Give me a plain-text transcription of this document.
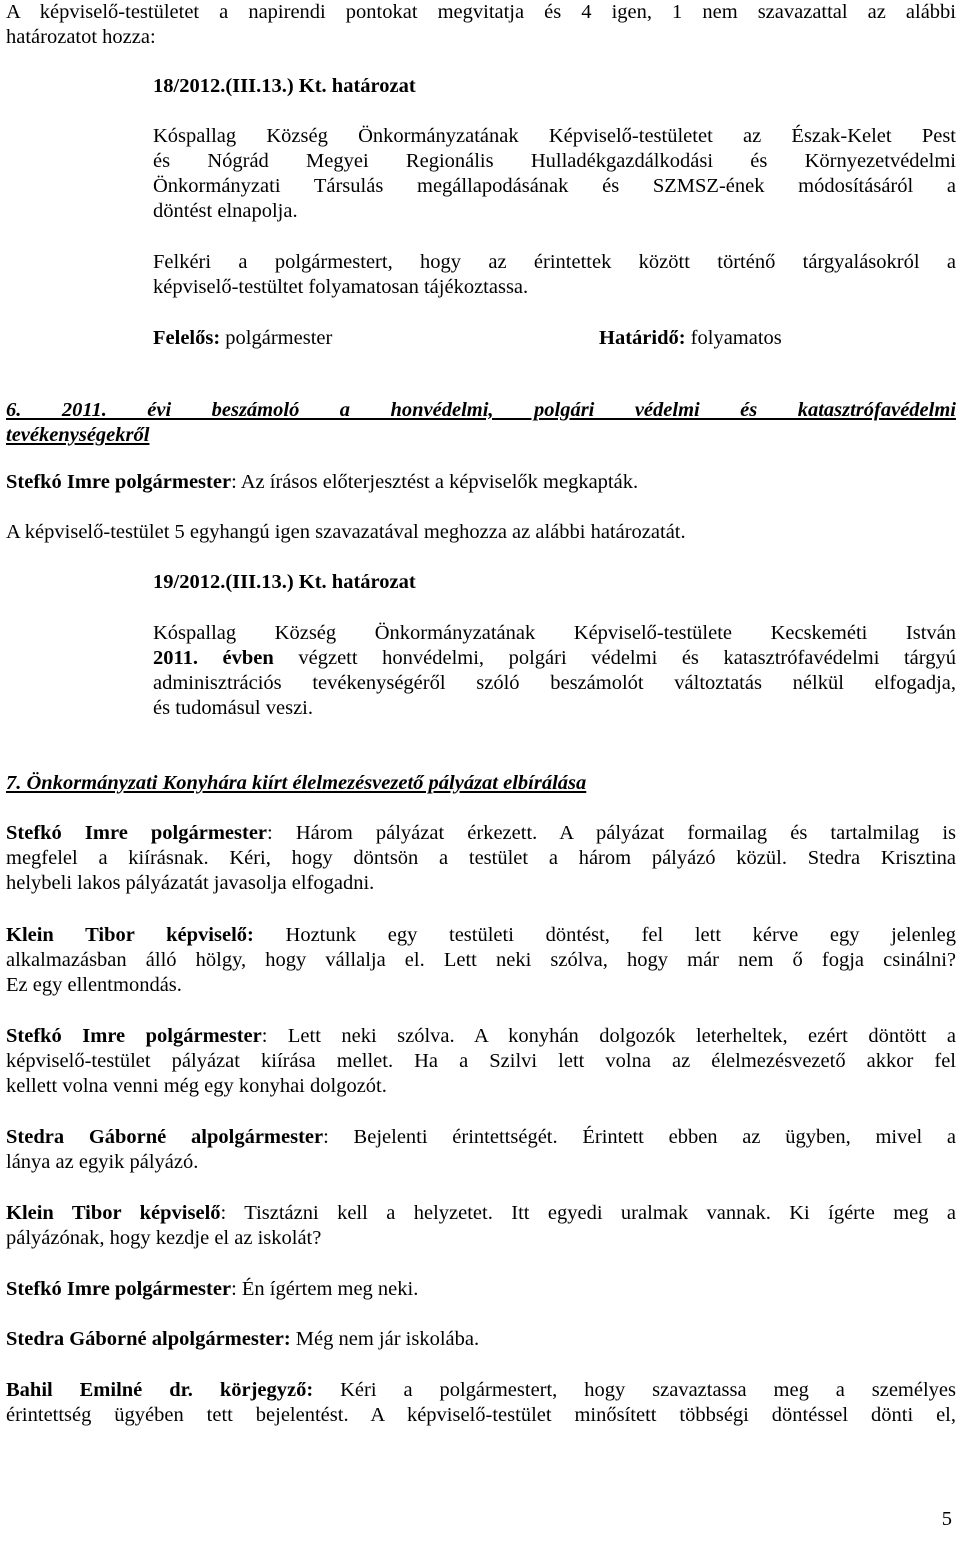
A képviselő-testületet a napirendi pontokat megvitatja és 4 igen, 1 nem szavazattal az alábbi

határozatot hozza:

18/2012.(III.13.) Kt. határozat

Kóspallag Község Önkormányzatának Képviselő-testületet az Észak-Kelet Pest

és Nógrád Megyei Regionális Hulladékgazdálkodási és Környezetvédelmi

Önkormányzati Társulás megállapodásának és SZMSZ-ének módosításáról a

döntést elnapolja.

Felkéri a polgármestert, hogy az érintettek között történő tárgyalásokról a

képviselő-testültet folyamatosan tájékoztassa.

Felelős: polgármester	Határidő: folyamatos

6. 2011. évi beszámoló a honvédelmi, polgári védelmi és katasztrófavédelmi

tevékenységekről

Stefkó Imre polgármester: Az írásos előterjesztést a képviselők megkapták.

A képviselő-testület 5 egyhangú igen szavazatával meghozza az alábbi határozatát.

19/2012.(III.13.) Kt. határozat

Kóspallag Község Önkormányzatának Képviselő-testülete Kecskeméti István

2011. évben végzett honvédelmi, polgári védelmi és katasztrófavédelmi tárgyú

adminisztrációs tevékenységéről szóló beszámolót változtatás nélkül elfogadja,

és tudomásul veszi.

7. Önkormányzati Konyhára kiírt élelmezésvezető pályázat elbírálása

Stefkó Imre polgármester: Három pályázat érkezett. A pályázat formailag és tartalmilag is

megfelel a kiírásnak. Kéri, hogy döntsön a testület a három pályázó közül. Stedra Krisztina

helybeli lakos pályázatát javasolja elfogadni.

Klein Tibor képviselő: Hoztunk egy testületi döntést, fel lett kérve egy jelenleg

alkalmazásban álló hölgy, hogy vállalja el. Lett neki szólva, hogy már nem ő fogja csinálni?

Ez egy ellentmondás.

Stefkó Imre polgármester: Lett neki szólva. A konyhán dolgozók leterheltek, ezért döntött a

képviselő-testület pályázat kiírása mellet. Ha a Szilvi lett volna az élelmezésvezető akkor fel

kellett volna venni még egy konyhai dolgozót.

Stedra Gáborné alpolgármester: Bejelenti érintettségét. Érintett ebben az ügyben, mivel a

lánya az egyik pályázó.

Klein Tibor képviselő: Tisztázni kell a helyzetet. Itt egyedi uralmak vannak. Ki ígérte meg a

pályázónak, hogy kezdje el az iskolát?

Stefkó Imre polgármester: Én ígértem meg neki.

Stedra Gáborné alpolgármester: Még nem jár iskolába.

Bahil Emilné dr. körjegyző: Kéri a polgármestert, hogy szavaztassa meg a személyes

érintettség ügyében tett bejelentést. A képviselő-testület minősített többségi döntéssel dönti el,

5
